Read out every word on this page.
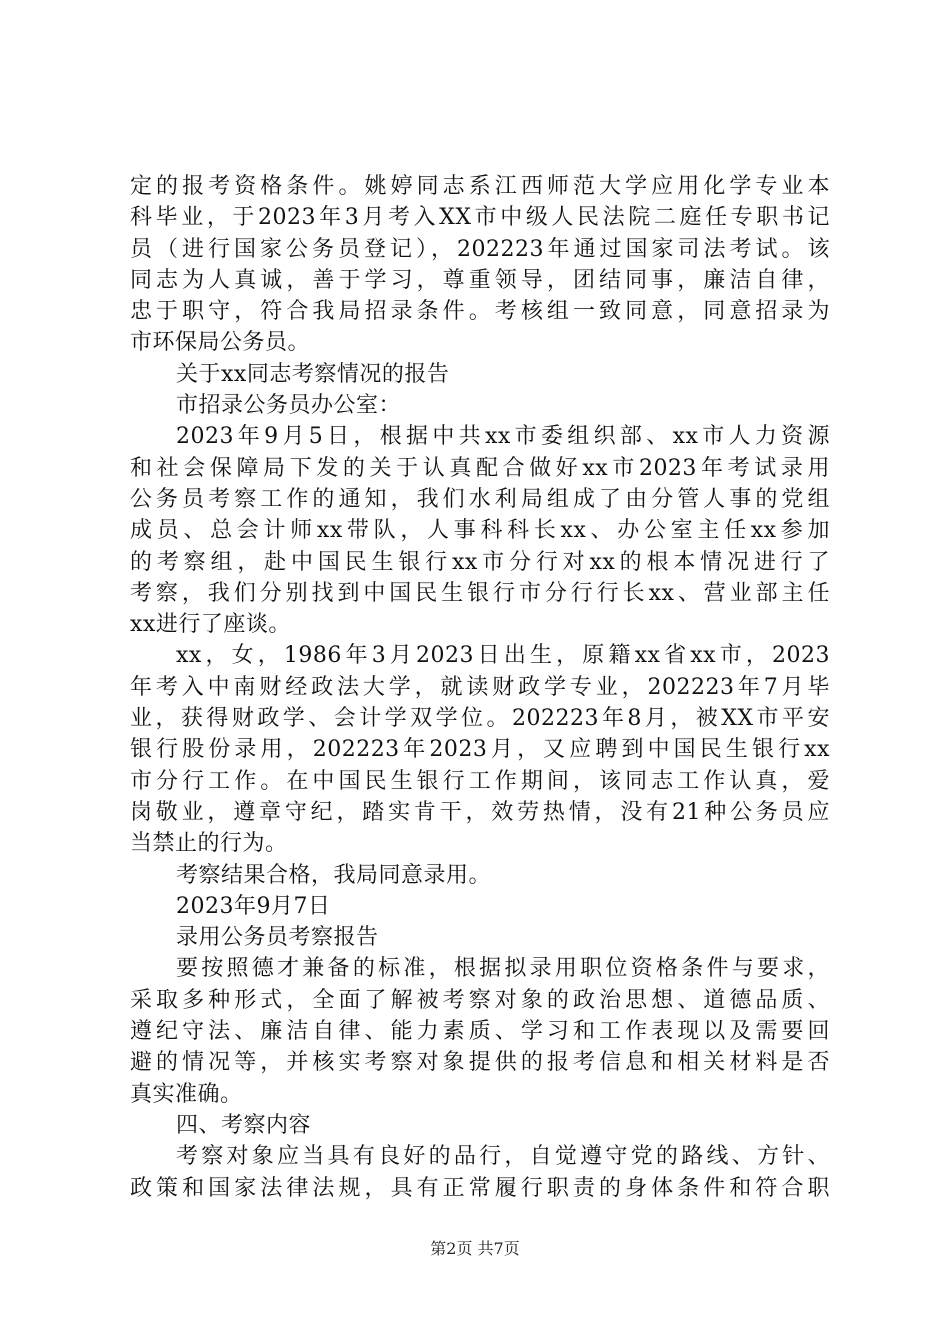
定的报考资格条件。姚婷同志系江西师范大学应用化学专业本
科毕业，于2023年3月考入XX市中级人民法院二庭任专职书记
员（进行国家公务员登记），202223年通过国家司法考试。该
同志为人真诚，善于学习，尊重领导，团结同事，廉洁自律，
忠于职守，符合我局招录条件。考核组一致同意，同意招录为
市环保局公务员。
关于xx同志考察情况的报告
市招录公务员办公室：
2023年9月5日，根据中共xx市委组织部、xx市人力资源
和社会保障局下发的关于认真配合做好xx市2023年考试录用
公务员考察工作的通知，我们水利局组成了由分管人事的党组
成员、总会计师xx带队，人事科科长xx、办公室主任xx参加
的考察组，赴中国民生银行xx市分行对xx的根本情况进行了
考察，我们分别找到中国民生银行市分行行长xx、营业部主任
xx进行了座谈。
xx，女，1986年3月2023日出生，原籍xx省xx市，2023
年考入中南财经政法大学，就读财政学专业，202223年7月毕
业，获得财政学、会计学双学位。202223年8月，被XX市平安
银行股份录用，202223年2023月，又应聘到中国民生银行xx
市分行工作。在中国民生银行工作期间，该同志工作认真，爱
岗敬业，遵章守纪，踏实肯干，效劳热情，没有21种公务员应
当禁止的行为。
考察结果合格，我局同意录用。
2023年9月7日
录用公务员考察报告
要按照德才兼备的标准，根据拟录用职位资格条件与要求，
采取多种形式，全面了解被考察对象的政治思想、道德品质、
遵纪守法、廉洁自律、能力素质、学习和工作表现以及需要回
避的情况等，并核实考察对象提供的报考信息和相关材料是否
真实准确。
四、考察内容
考察对象应当具有良好的品行，自觉遵守党的路线、方针、
政策和国家法律法规，具有正常履行职责的身体条件和符合职
第2页 共7页
